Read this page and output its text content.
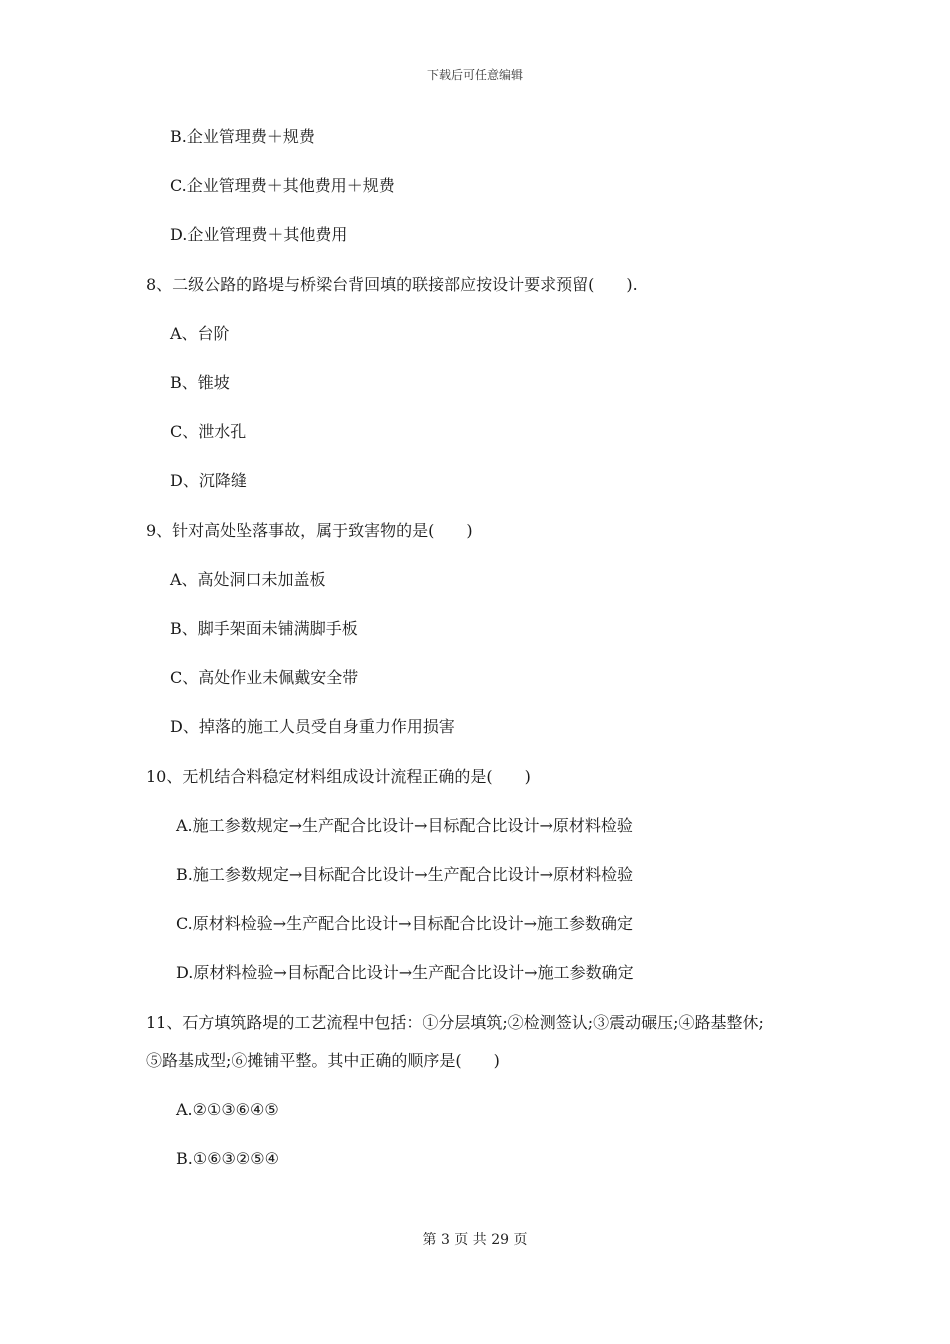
下载后可任意编辑
B.企业管理费＋规费
C.企业管理费＋其他费用＋规费
D.企业管理费＋其他费用
8、二级公路的路堤与桥梁台背回填的联接部应按设计要求预留(　　).
A、台阶
B、锥坡
C、泄水孔
D、沉降缝
9、针对高处坠落事故，属于致害物的是(　　)
A、高处洞口未加盖板
B、脚手架面未铺满脚手板
C、高处作业未佩戴安全带
D、掉落的施工人员受自身重力作用损害
10、无机结合料稳定材料组成设计流程正确的是(　　)
A.施工参数规定→生产配合比设计→目标配合比设计→原材料检验
B.施工参数规定→目标配合比设计→生产配合比设计→原材料检验
C.原材料检验→生产配合比设计→目标配合比设计→施工参数确定
D.原材料检验→目标配合比设计→生产配合比设计→施工参数确定
11、石方填筑路堤的工艺流程中包括：①分层填筑;②检测签认;③震动碾压;④路基整休;
⑤路基成型;⑥摊铺平整。其中正确的顺序是(　　)
A.②①③⑥④⑤
B.①⑥③②⑤④
第 3 页 共 29 页
